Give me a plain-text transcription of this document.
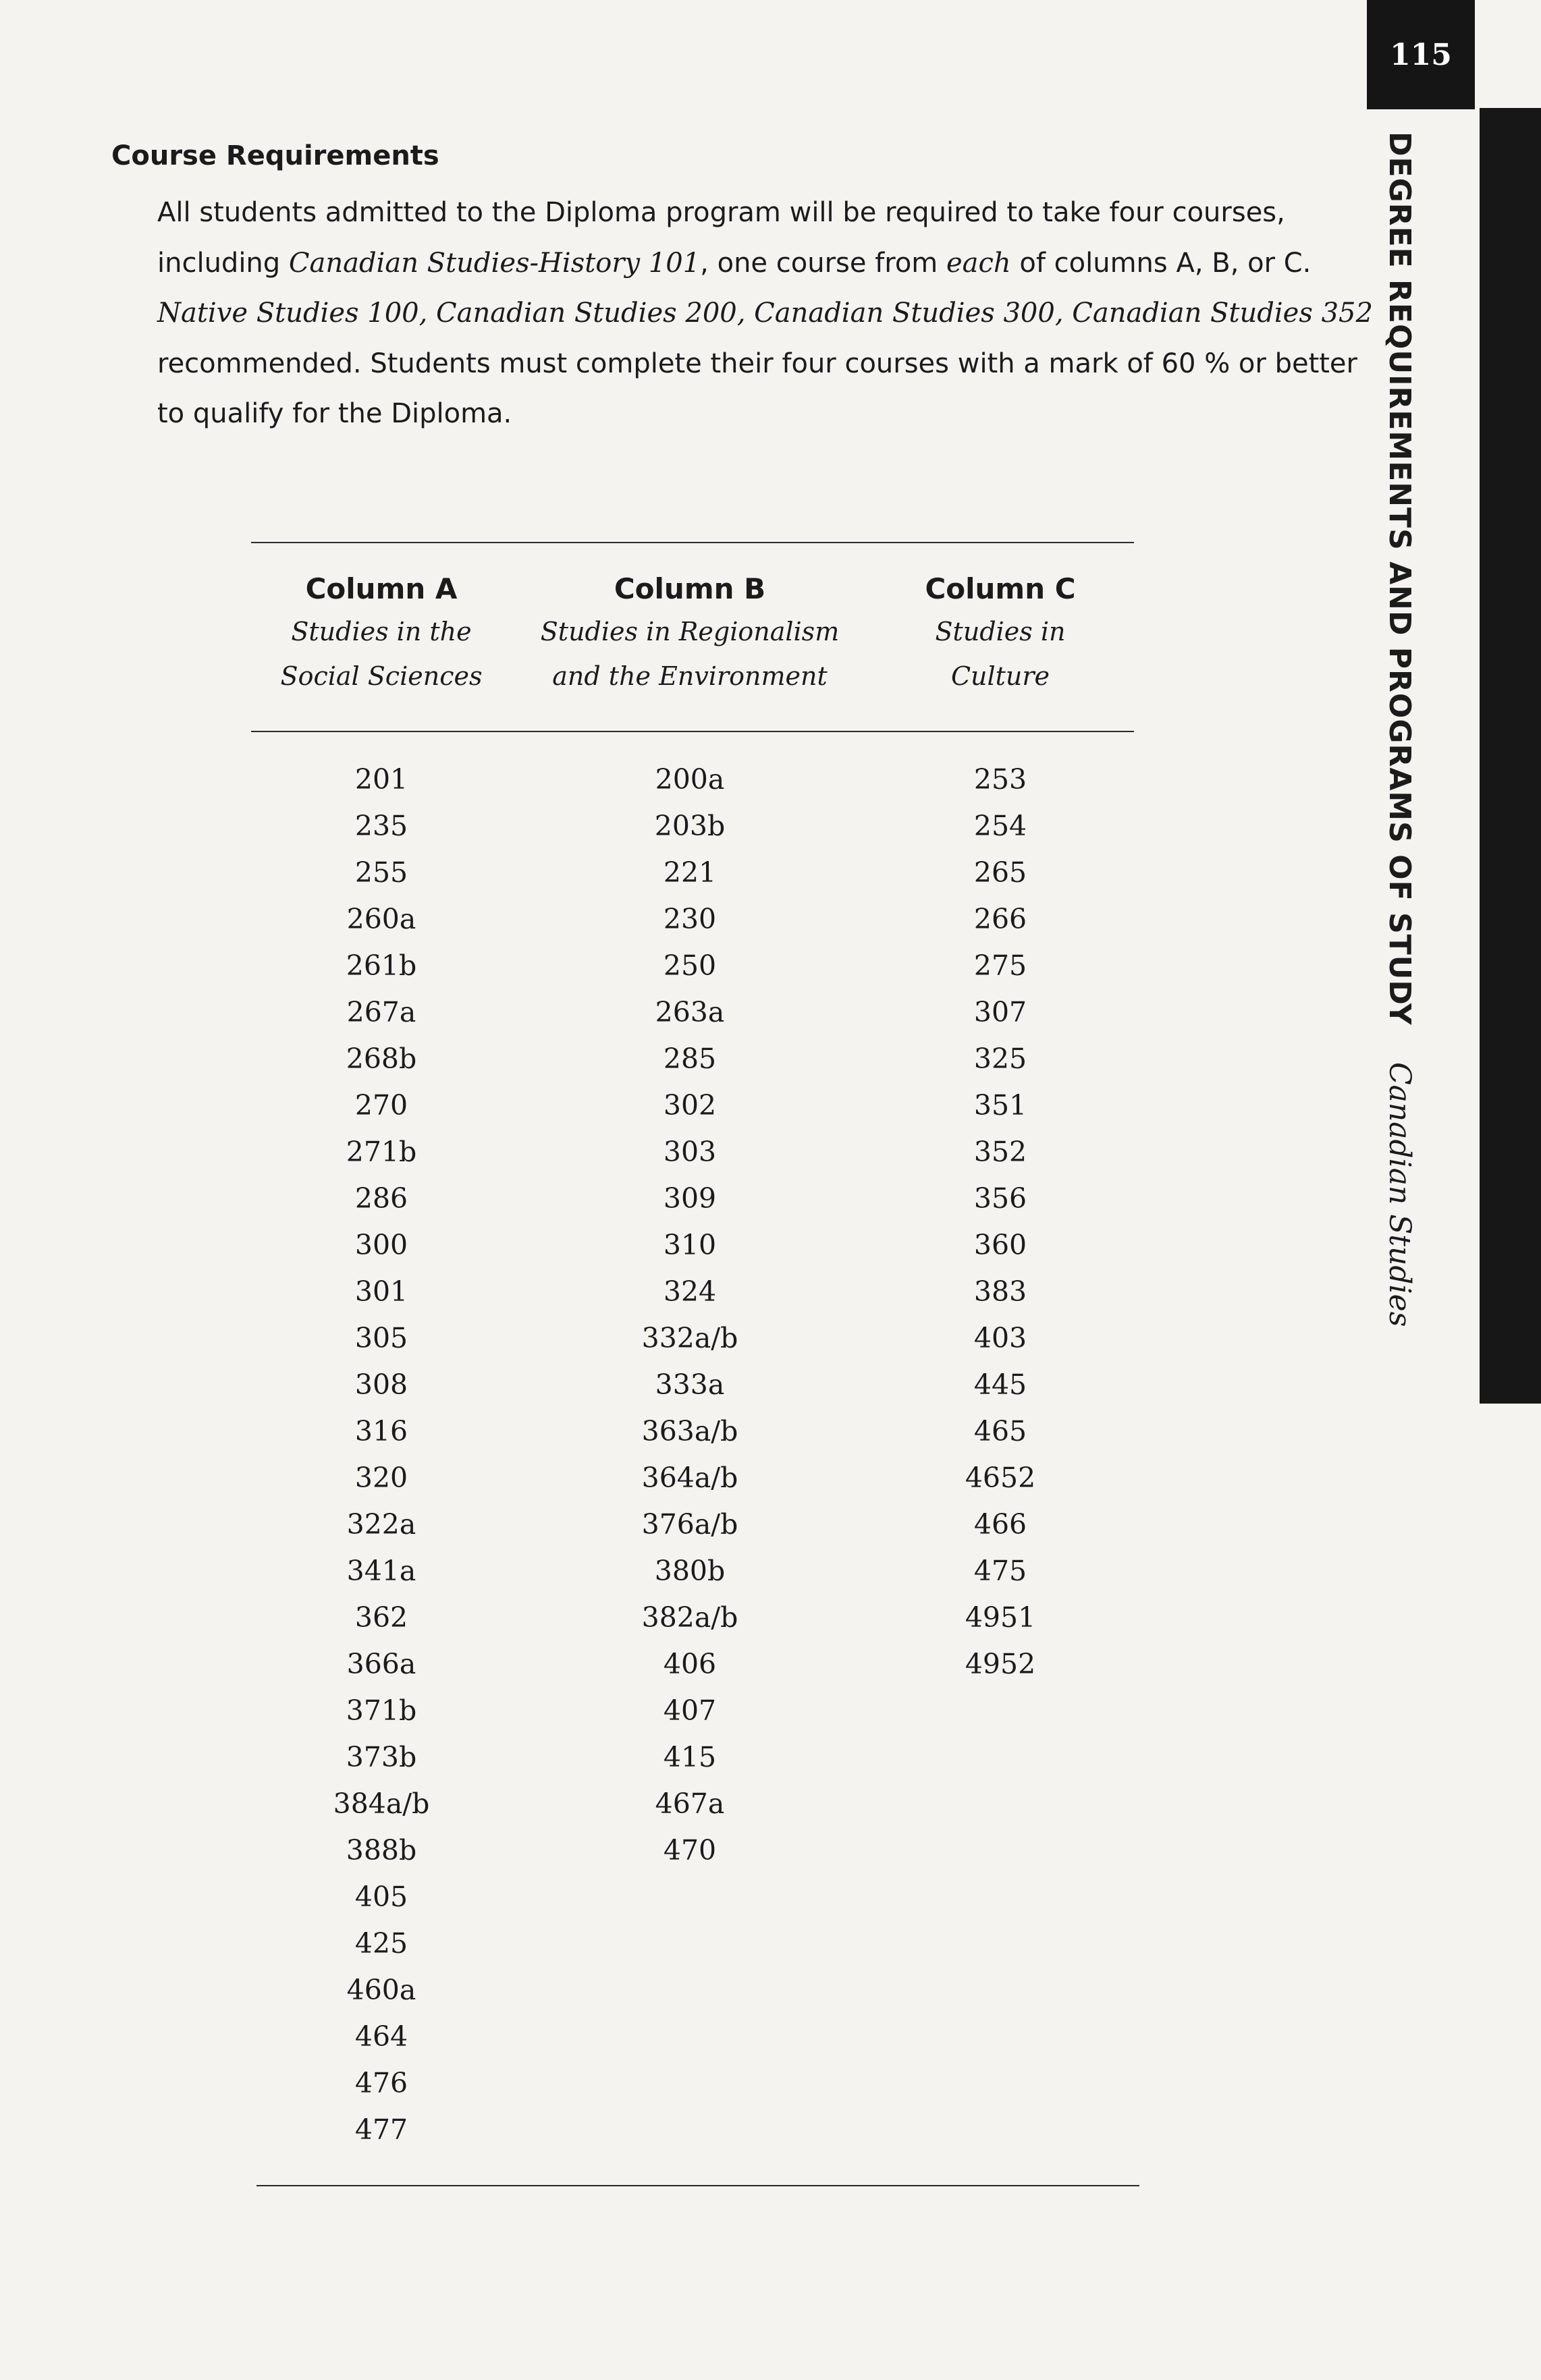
115
DEGREE REQUIREMENTS AND PROGRAMS OF STUDY Canadian Studies
Course Requirements
All students admitted to the Diploma program will be required to take four courses,
including Canadian Studies-History 101, one course from each of columns A, B, or C.
Native Studies 100, Canadian Studies 200, Canadian Studies 300, Canadian Studies 352
recommended. Students must complete their four courses with a mark of 60 % or better
to qualify for the Diploma.
Column A
Studies in the
Social Sciences
Column B
Studies in Regionalism
and the Environment
Column C
Studies in
Culture
201
235
255
260a
261b
267a
268b
270
271b
286
300
301
305
308
316
320
322a
341a
362
366a
371b
373b
384a/b
388b
405
425
460a
464
476
477
200a
203b
221
230
250
263a
285
302
303
309
310
324
332a/b
333a
363a/b
364a/b
376a/b
380b
382a/b
406
407
415
467a
470
253
254
265
266
275
307
325
351
352
356
360
383
403
445
465
4652
466
475
4951
4952
